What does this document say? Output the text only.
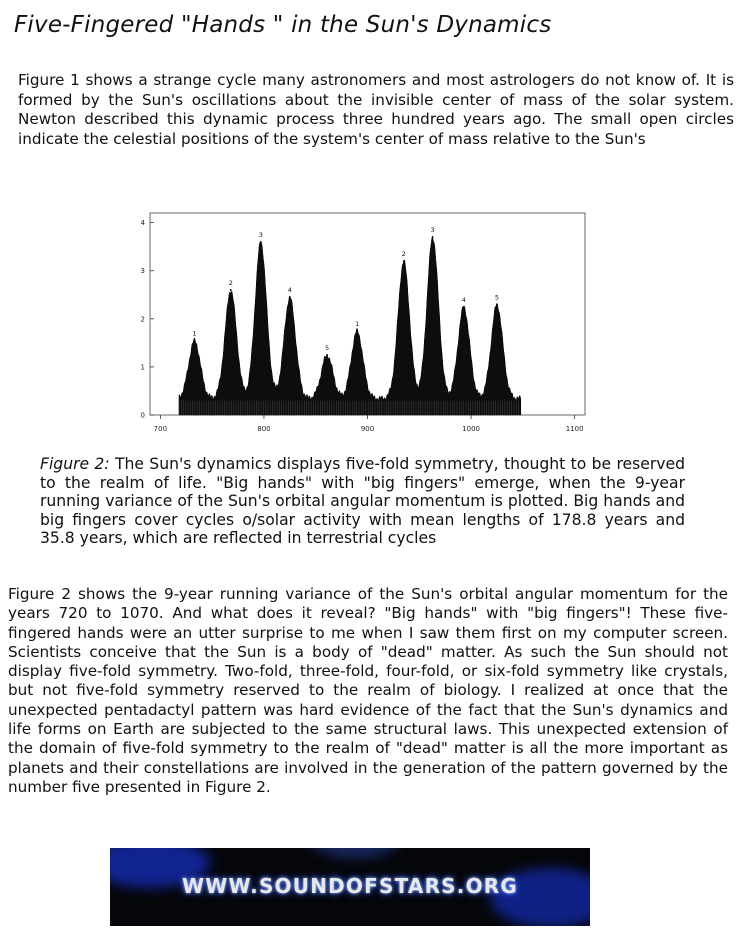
Five-Fingered "Hands " in the Sun's Dynamics
Figure 1 shows a strange cycle many astronomers and most astrologers do not know of. It is formed by the Sun's oscillations about the invisible center of mass of the solar system. Newton described this dynamic process three hundred years ago. The small open circles indicate the celestial positions of the system's center of mass relative to the Sun's
700	800	900	1000	1100
0
1
2
3
4
1
2
3
4
5
1
2
3
4	5
Figure 2: The Sun's dynamics displays five-fold symmetry, thought to be reserved to the realm of life. "Big hands" with "big fingers" emerge, when the 9-year running variance of the Sun's orbital angular momentum is plotted. Big hands and big fingers cover cycles o/solar activity with mean lengths of 178.8 years and 35.8 years, which are reflected in terrestrial cycles
Figure 2 shows the 9-year running variance of the Sun's orbital angular momentum for the years 720 to 1070. And what does it reveal? "Big hands" with "big fingers"! These five-fingered hands were an utter surprise to me when I saw them first on my computer screen. Scientists conceive that the Sun is a body of "dead" matter. As such the Sun should not display five-fold symmetry. Two-fold, three-fold, four-fold, or six-fold symmetry like crystals, but not five-fold symmetry reserved to the realm of biology. I realized at once that the unexpected pentadactyl pattern was hard evidence of the fact that the Sun's dynamics and life forms on Earth are subjected to the same structural laws. This unexpected extension of the domain of five-fold symmetry to the realm of "dead" matter is all the more important as planets and their constellations are involved in the generation of the pattern governed by the number five presented in Figure 2.
WWW.SOUNDOFSTARS.ORG
